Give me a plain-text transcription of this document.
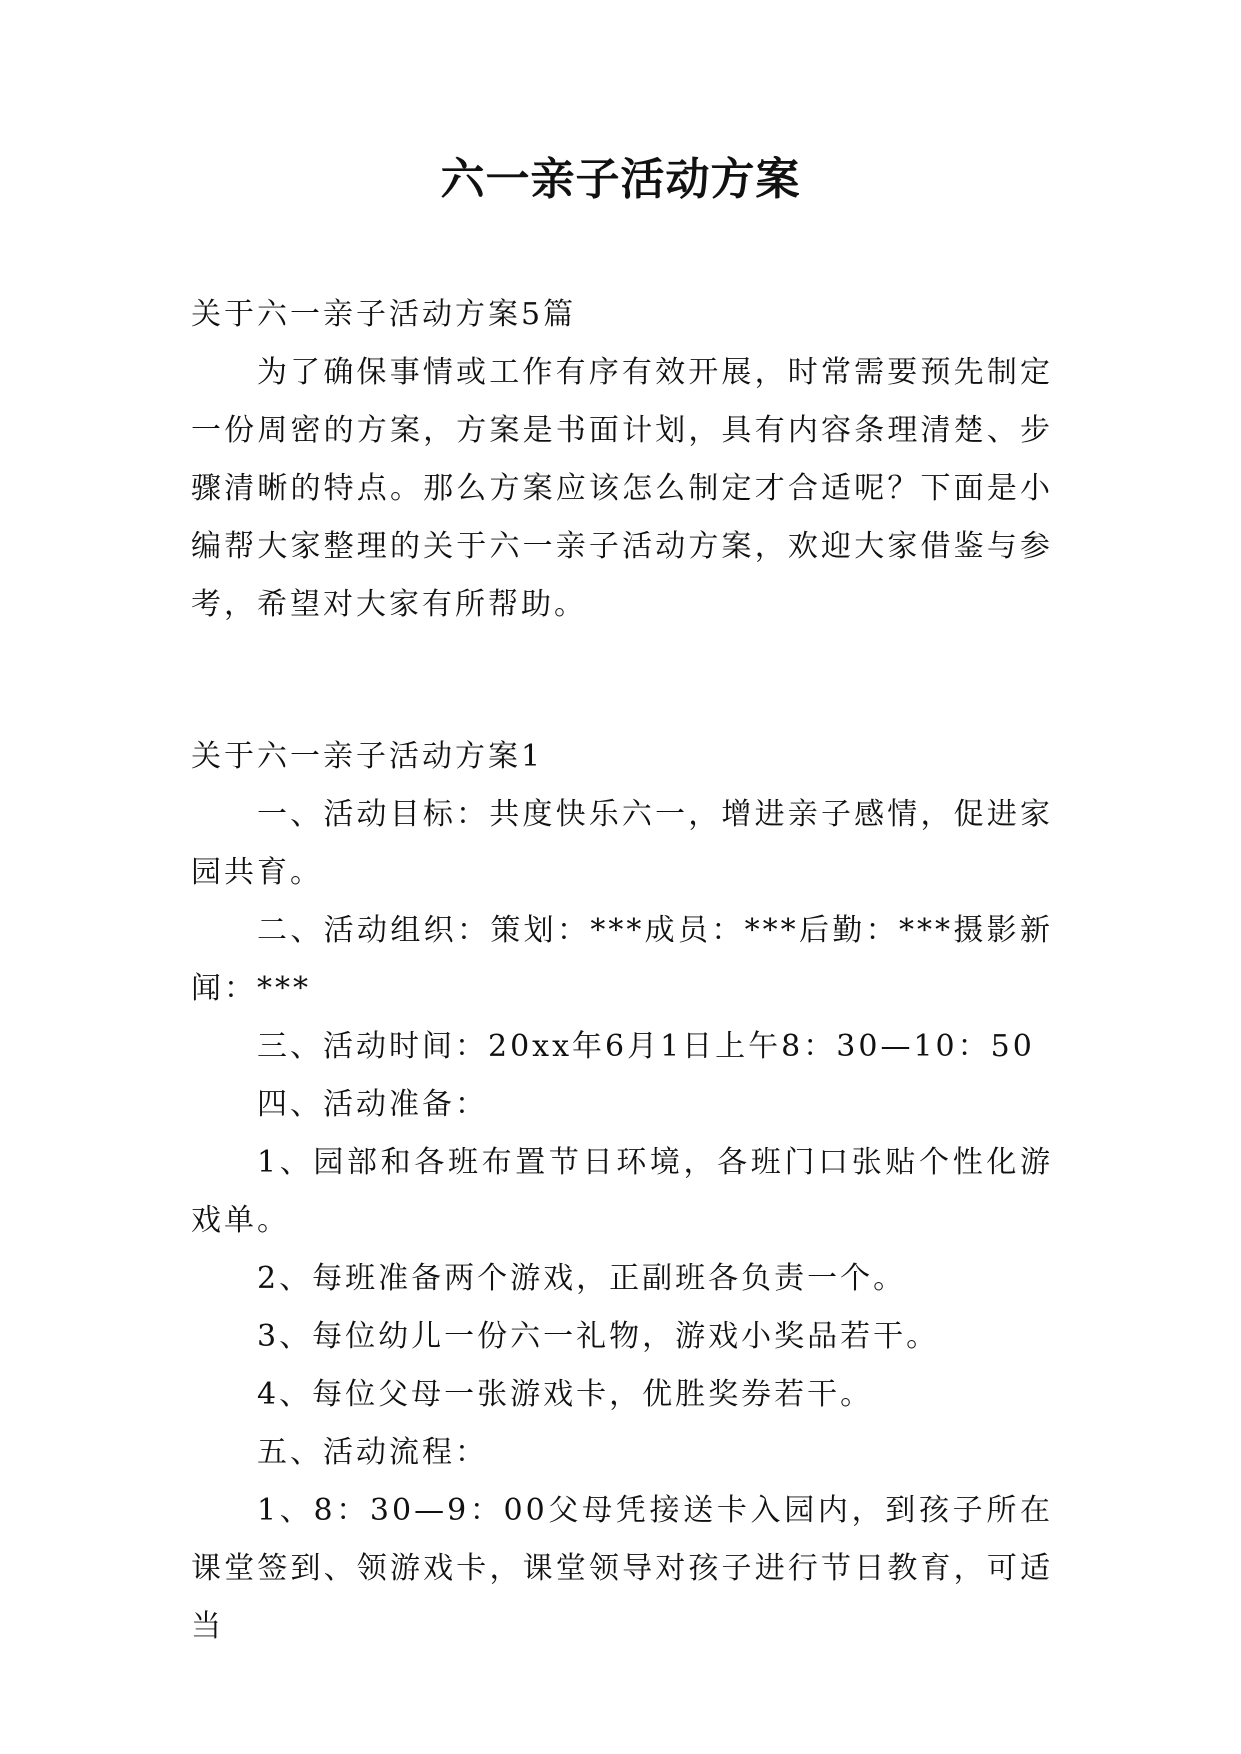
六一亲子活动方案

关于六一亲子活动方案5篇

为了确保事情或工作有序有效开展，时常需要预先制定一份周密的方案，方案是书面计划，具有内容条理清楚、步骤清晰的特点。那么方案应该怎么制定才合适呢？下面是小编帮大家整理的关于六一亲子活动方案，欢迎大家借鉴与参考，希望对大家有所帮助。

关于六一亲子活动方案1

一、活动目标：共度快乐六一，增进亲子感情，促进家园共育。

二、活动组织：策划：***成员：***后勤：***摄影新闻：***

三、活动时间：20xx年6月1日上午8：30—10：50

四、活动准备：

1、园部和各班布置节日环境，各班门口张贴个性化游戏单。

2、每班准备两个游戏，正副班各负责一个。

3、每位幼儿一份六一礼物，游戏小奖品若干。

4、每位父母一张游戏卡，优胜奖券若干。

五、活动流程：

1、8：30—9：00父母凭接送卡入园内，到孩子所在课堂签到、领游戏卡，课堂领导对孩子进行节日教育，可适当
